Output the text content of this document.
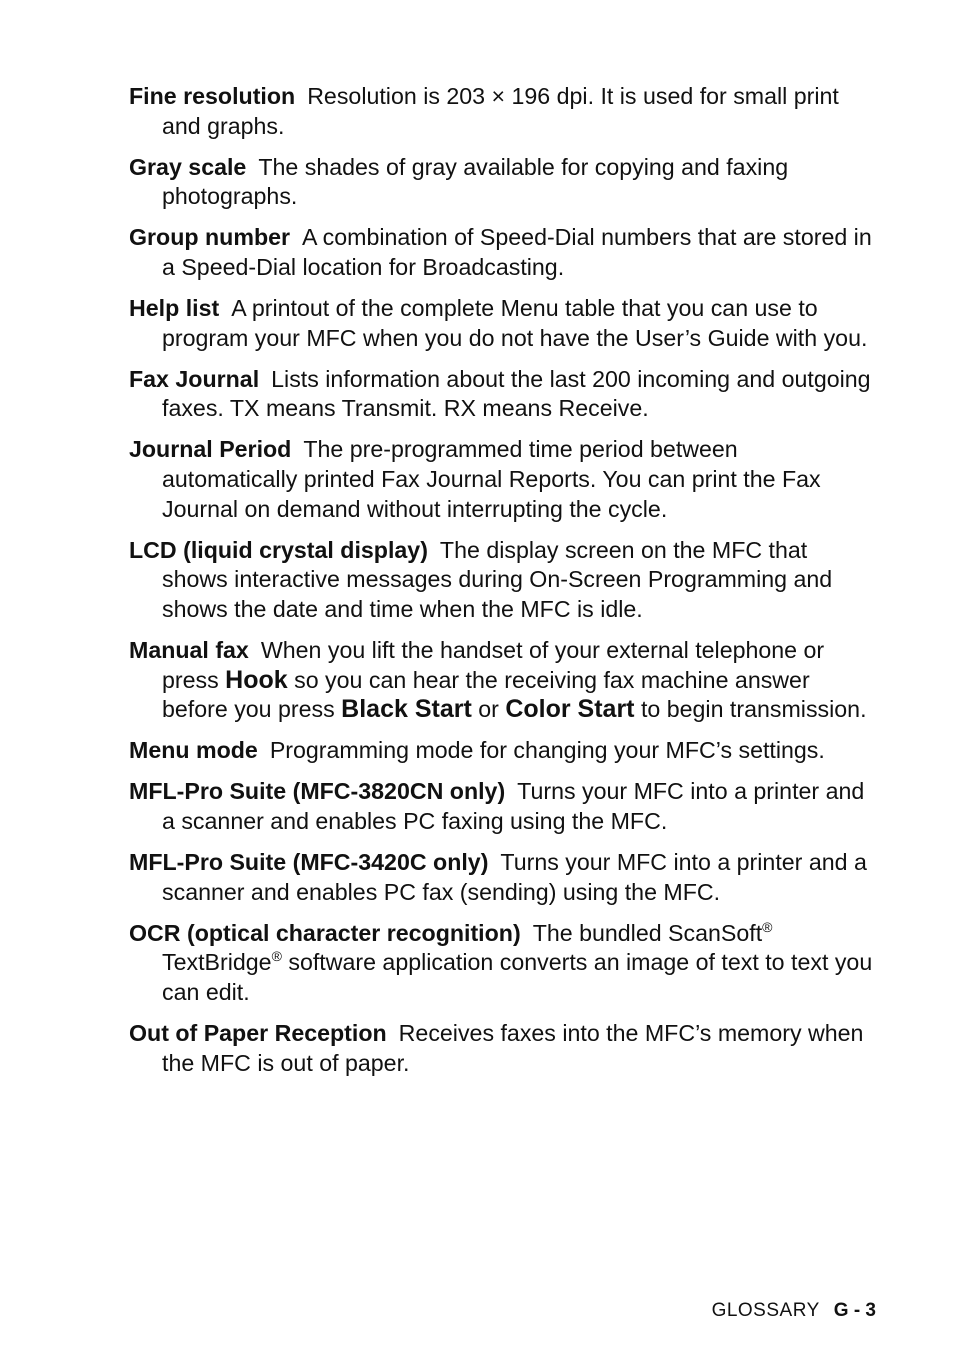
Fine resolution Resolution is 203 × 196 dpi. It is used for small print and graphs.

Gray scale The shades of gray available for copying and faxing photographs.

Group number A combination of Speed-Dial numbers that are stored in a Speed-Dial location for Broadcasting.

Help list A printout of the complete Menu table that you can use to program your MFC when you do not have the User’s Guide with you.

Fax Journal Lists information about the last 200 incoming and outgoing faxes. TX means Transmit. RX means Receive.

Journal Period The pre-programmed time period between automatically printed Fax Journal Reports. You can print the Fax Journal on demand without interrupting the cycle.

LCD (liquid crystal display) The display screen on the MFC that shows interactive messages during On-Screen Programming and shows the date and time when the MFC is idle.

Manual fax When you lift the handset of your external telephone or press Hook so you can hear the receiving fax machine answer before you press Black Start or Color Start to begin transmission.

Menu mode Programming mode for changing your MFC’s settings.

MFL-Pro Suite (MFC-3820CN only) Turns your MFC into a printer and a scanner and enables PC faxing using the MFC.

MFL-Pro Suite (MFC-3420C only) Turns your MFC into a printer and a scanner and enables PC fax (sending) using the MFC.

OCR (optical character recognition) The bundled ScanSoft® TextBridge® software application converts an image of text to text you can edit.

Out of Paper Reception Receives faxes into the MFC’s memory when the MFC is out of paper.

GLOSSARY G - 3
